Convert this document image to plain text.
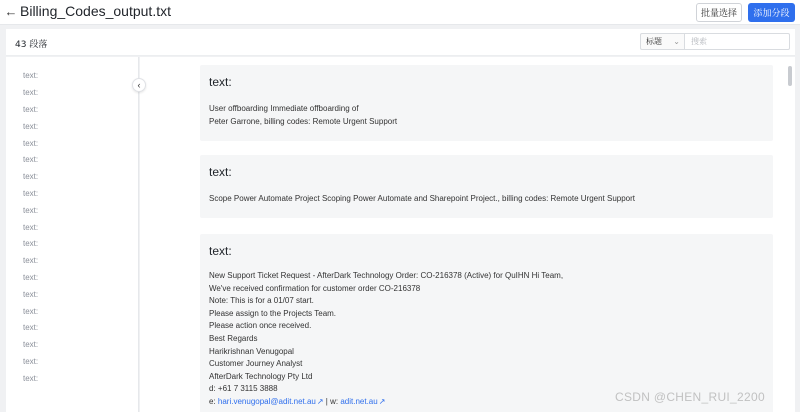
← Billing_Codes_output.txt	批量选择	添加分段
43 段落	标题 ⌄
搜索
text:
text:
text:
text:
text:
text:
text:
text:
text:
text:
text:
text:
text:
text:
text:
text:
text:
text:
text:
‹	text:
User offboarding Immediate offboarding of
Peter Garrone, billing codes: Remote Urgent Support
text:
Scope Power Automate Project Scoping Power Automate and Sharepoint Project., billing codes: Remote Urgent Support
text:
New Support Ticket Request - AfterDark Technology Order: CO-216378 (Active) for QuIHN Hi Team,
We've received confirmation for customer order CO-216378
Note: This is for a 01/07 start.
Please assign to the Projects Team.
Please action once received.
Best Regards
Harikrishnan Venugopal
Customer Journey Analyst
AfterDark Technology Pty Ltd
d: +61 7 3115 3888
e: hari.venugopal@adit.net.au↗ | w: adit.net.au↗	CSDN @CHEN_RUI_2200
